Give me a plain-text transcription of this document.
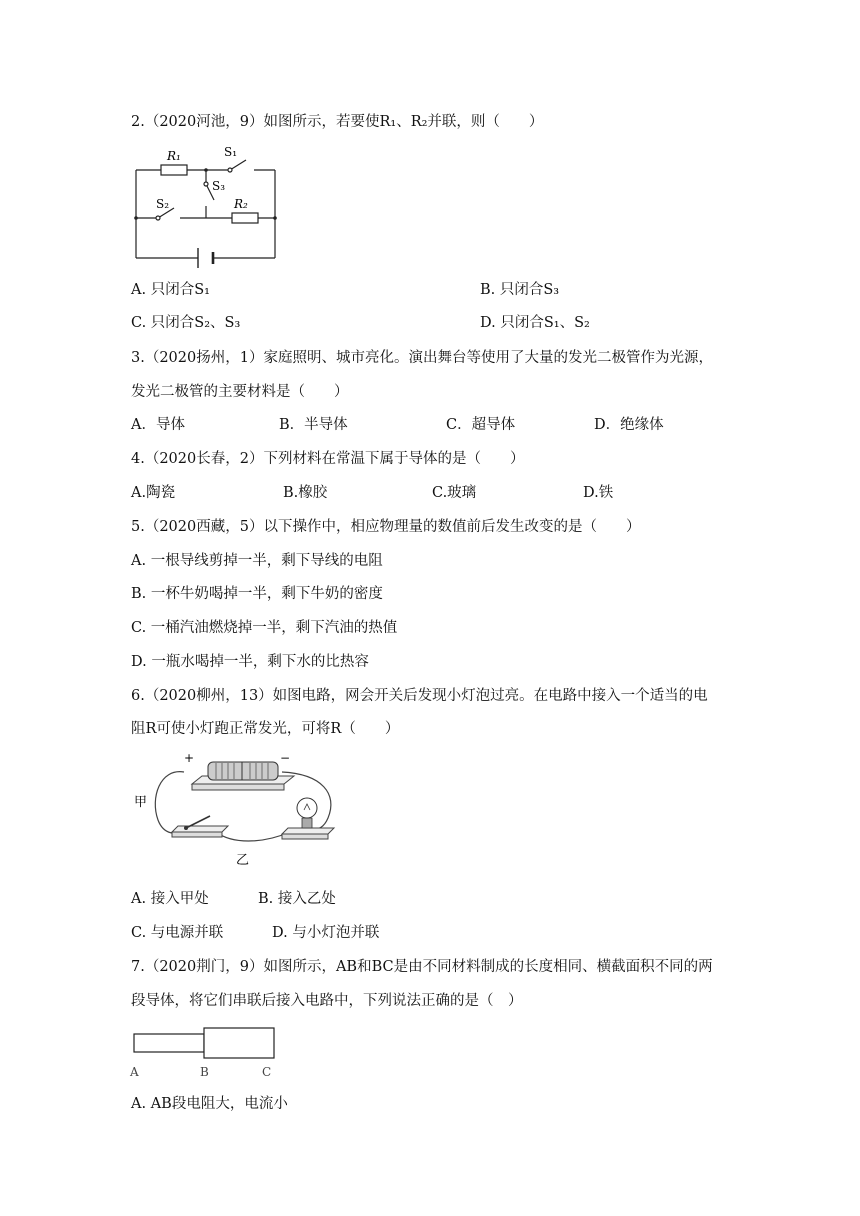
2.（2020河池，9）如图所示，若要使R₁、R₂并联，则（　　）
R₁	S₁
S₃
S₂	R₂
A. 只闭合S₁	B. 只闭合S₃
C. 只闭合S₂、S₃	D. 只闭合S₁、S₂
3.（2020扬州，1）家庭照明、城市亮化。演出舞台等使用了大量的发光二极管作为光源，
发光二极管的主要材料是（　　）
A．导体	B．半导体	C．超导体	D．绝缘体
4.（2020长春，2）下列材料在常温下属于导体的是（　　）
A.陶瓷	B.橡胶	C.玻璃	D.铁
5.（2020西藏，5）以下操作中，相应物理量的数值前后发生改变的是（　　）
A. 一根导线剪掉一半，剩下导线的电阻
B. 一杯牛奶喝掉一半，剩下牛奶的密度
C. 一桶汽油燃烧掉一半，剩下汽油的热值
D. 一瓶水喝掉一半，剩下水的比热容
6.（2020柳州，13）如图电路，网会开关后发现小灯泡过亮。在电路中接入一个适当的电
阻R可使小灯跑正常发光，可将R（　　）
+	−
甲
乙
A. 接入甲处	B. 接入乙处
C. 与电源并联	D. 与小灯泡并联
7.（2020荆门，9）如图所示，AB和BC是由不同材料制成的长度相同、横截面积不同的两
段导体，将它们串联后接入电路中，下列说法正确的是（　）
A	B	C
A. AB段电阻大，电流小
